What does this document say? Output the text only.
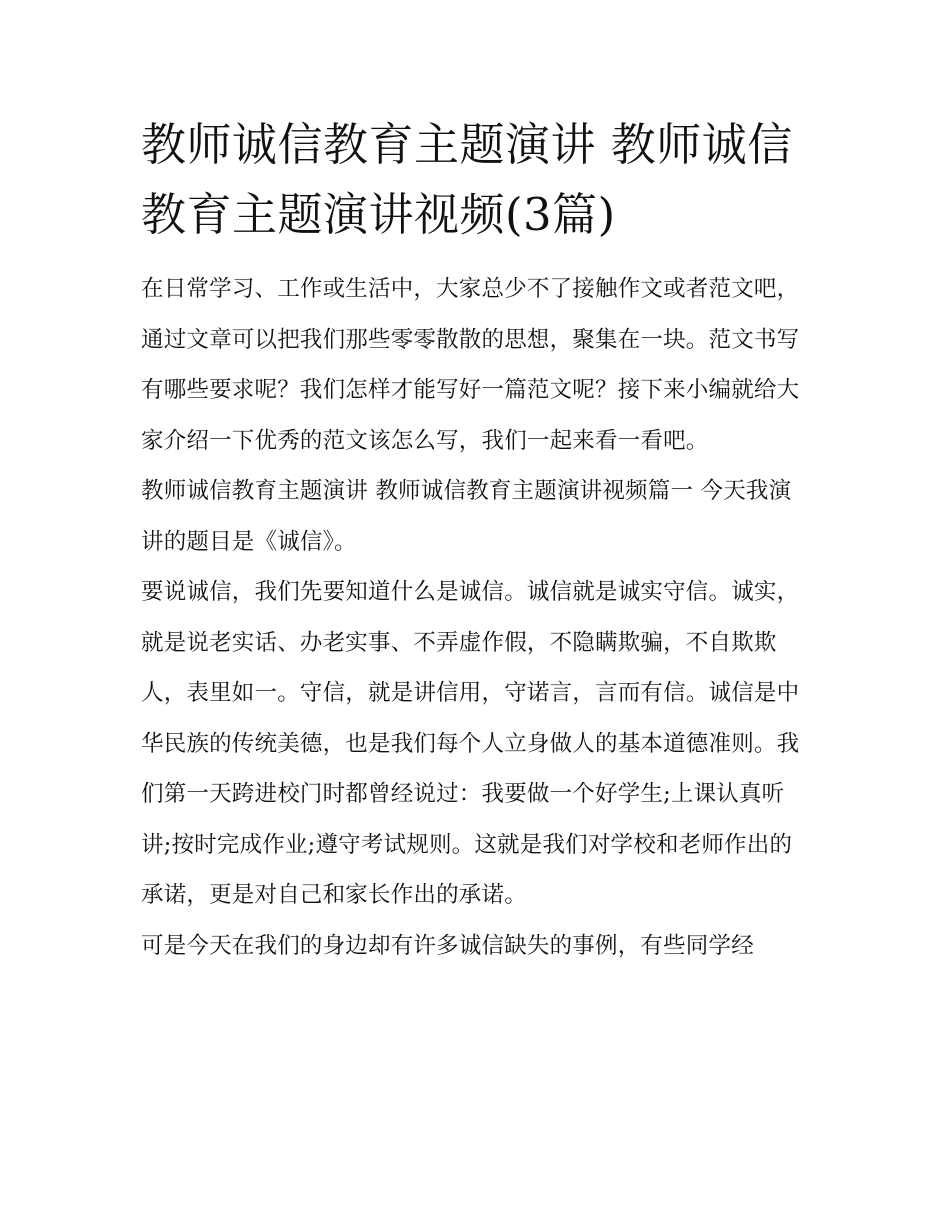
教师诚信教育主题演讲 教师诚信教育主题演讲视频(3篇)

在日常学习、工作或生活中，大家总少不了接触作文或者范文吧，通过文章可以把我们那些零零散散的思想，聚集在一块。范文书写有哪些要求呢？我们怎样才能写好一篇范文呢？接下来小编就给大家介绍一下优秀的范文该怎么写，我们一起来看一看吧。

教师诚信教育主题演讲 教师诚信教育主题演讲视频篇一 今天我演讲的题目是《诚信》。

要说诚信，我们先要知道什么是诚信。诚信就是诚实守信。诚实，就是说老实话、办老实事、不弄虚作假，不隐瞒欺骗，不自欺欺人，表里如一。守信，就是讲信用，守诺言，言而有信。诚信是中华民族的传统美德，也是我们每个人立身做人的基本道德准则。我们第一天跨进校门时都曾经说过：我要做一个好学生;上课认真听讲;按时完成作业;遵守考试规则。这就是我们对学校和老师作出的承诺，更是对自己和家长作出的承诺。

可是今天在我们的身边却有许多诚信缺失的事例，有些同学经
